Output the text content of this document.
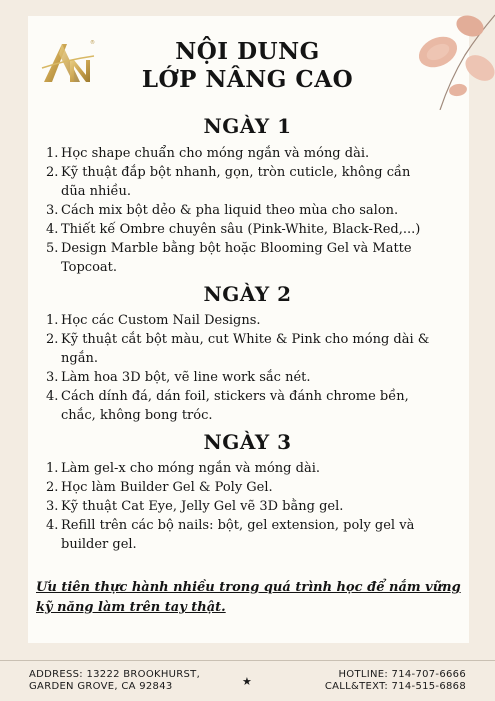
®	NỘI DUNG
LỚP NÂNG CAO
NGÀY 1
1. Học shape chuẩn cho móng ngắn và móng dài.
2. Kỹ thuật đắp bột nhanh, gọn, tròn cuticle, không cần
dũa nhiều.
3. Cách mix bột dẻo & pha liquid theo mùa cho salon.
4. Thiết kế Ombre chuyên sâu (Pink-White, Black-Red,...)
5. Design Marble bằng bột hoặc Blooming Gel và Matte
Topcoat.
NGÀY 2
1. Học các Custom Nail Designs.
2. Kỹ thuật cắt bột màu, cut White & Pink cho móng dài &
ngắn.
3. Làm hoa 3D bột, vẽ line work sắc nét.
4. Cách dính đá, dán foil, stickers và đánh chrome bền,
chắc, không bong tróc.
NGÀY 3
1. Làm gel-x cho móng ngắn và móng dài.
2. Học làm Builder Gel & Poly Gel.
3. Kỹ thuật Cat Eye, Jelly Gel vẽ 3D bằng gel.
4. Refill trên các bộ nails: bột, gel extension, poly gel và
builder gel.
Ưu tiên thực hành nhiều trong quá trình học để nắm vững
kỹ năng làm trên tay thật.
ADDRESS: 13222 BROOKHURST,
GARDEN GROVE, CA 92843	★
HOTLINE: 714-707-6666
CALL&TEXT: 714-515-6868
